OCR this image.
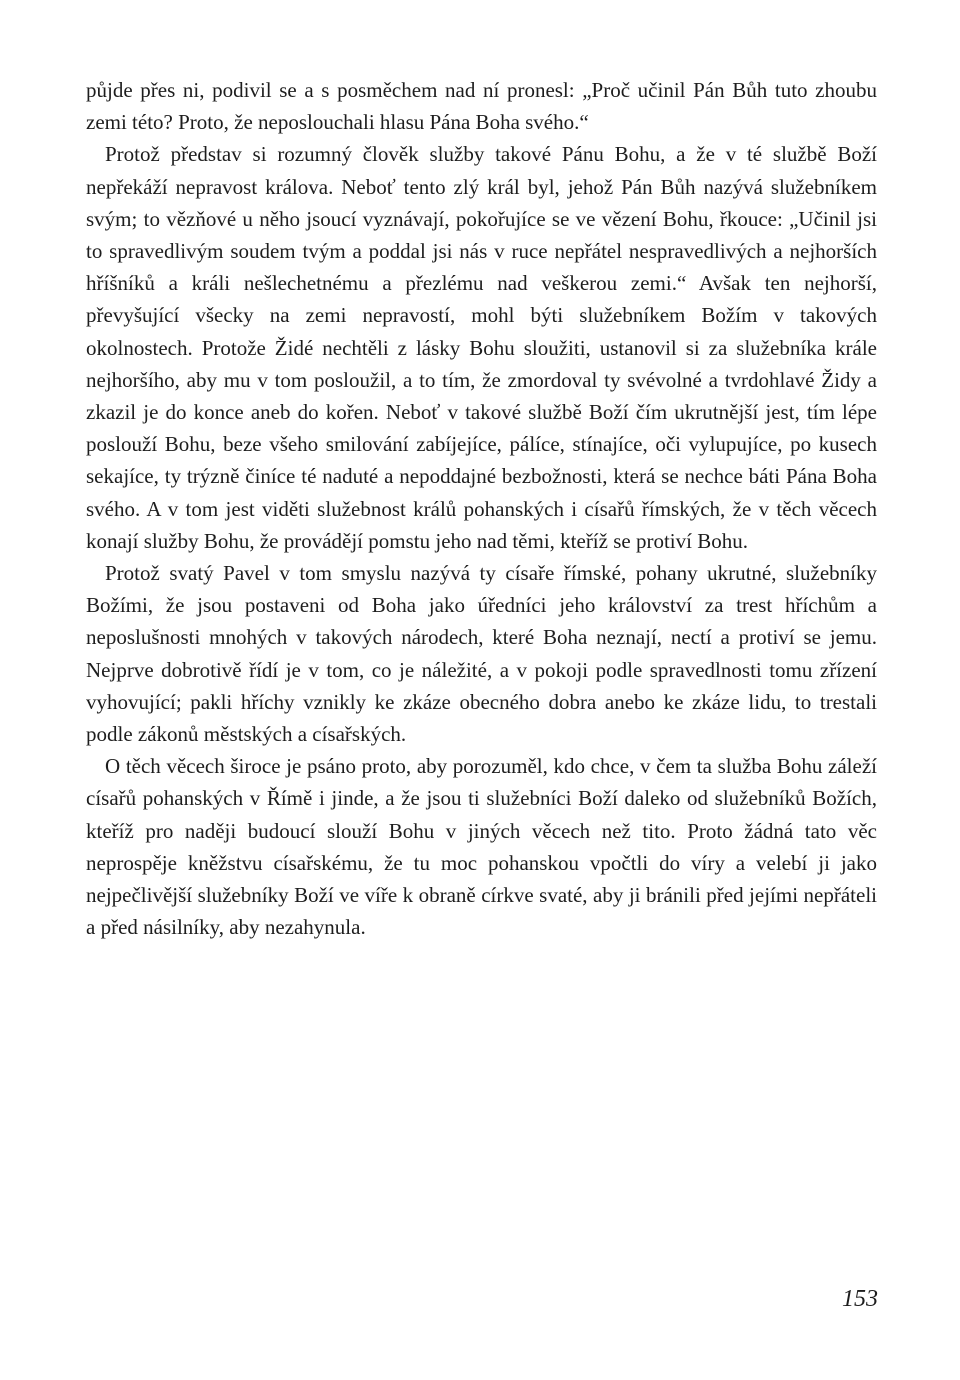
půjde přes ni, podivil se a s posměchem nad ní pronesl: „Proč učinil Pán Bůh tuto zhoubu zemi této? Proto, že neposlouchali hlasu Pána Boha svého.“

Protož představ si rozumný člověk služby takové Pánu Bohu, a že v té službě Boží nepřekáží nepravost králova. Neboť tento zlý král byl, jehož Pán Bůh nazývá služebníkem svým; to vězňové u něho jsoucí vyznávají, pokořujíce se ve vězení Bohu, řkouce: „Učinil jsi to spravedlivým soudem tvým a poddal jsi nás v ruce nepřátel nespravedlivých a nejhorších hříšníků a králi nešlechetnému a přezlému nad veškerou zemi.“ Avšak ten nejhorší, převyšující všecky na zemi nepravostí, mohl býti služebníkem Božím v takových okolnostech. Protože Židé nechtěli z lásky Bohu sloužiti, ustanovil si za služebníka krále nejhoršího, aby mu v tom posloužil, a to tím, že zmordoval ty svévolné a tvrdohlavé Židy a zkazil je do konce aneb do kořen. Neboť v takové službě Boží čím ukrutnější jest, tím lépe poslouží Bohu, beze všeho smilování zabíjejíce, pálíce, stínajíce, oči vylupujíce, po kusech sekajíce, ty trýzně činíce té naduté a nepoddajné bezbožnosti, která se nechce báti Pána Boha svého. A v tom jest viděti služebnost králů pohanských i císařů římských, že v těch věcech konají služby Bohu, že provádějí pomstu jeho nad těmi, kteříž se protiví Bohu.

Protož svatý Pavel v tom smyslu nazývá ty císaře římské, pohany ukrutné, služebníky Božími, že jsou postaveni od Boha jako úředníci jeho království za trest hříchům a neposlušnosti mnohých v takových národech, které Boha neznají, nectí a protiví se jemu. Nejprve dobrotivě řídí je v tom, co je náležité, a v pokoji podle spravedlnosti tomu zřízení vyhovující; pakli hříchy vznikly ke zkáze obecného dobra anebo ke zkáze lidu, to trestali podle zákonů městských a císařských.

O těch věcech široce je psáno proto, aby porozuměl, kdo chce, v čem ta služba Bohu záleží císařů pohanských v Římě i jinde, a že jsou ti služebníci Boží daleko od služebníků Božích, kteříž pro naději budoucí slouží Bohu v jiných věcech než tito. Proto žádná tato věc neprospěje kněžstvu císařskému, že tu moc pohanskou vpočtli do víry a velebí ji jako nejpečlivější služebníky Boží ve víře k obraně církve svaté, aby ji bránili před jejími nepřáteli a před násilníky, aby nezahynula.

153
